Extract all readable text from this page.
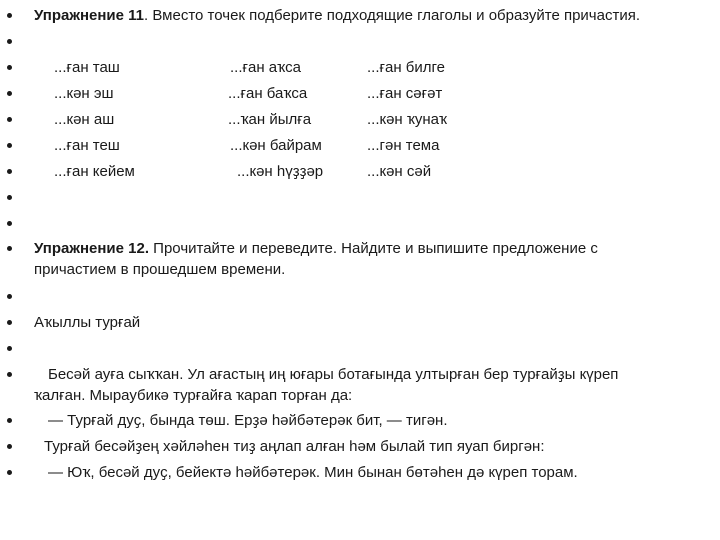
Упражнение 11. Вместо точек подберите подходящие глаголы и образуйте причастия.
...ған таш	...ған аҡса	...ған билге
...кән эш	...ған баҡса	...ған сәғәт
...кән аш	...ҡан йылға	...кән ҡунаҡ
...ған теш	...кән байрам	...гән тема
...ған кейем	...кән һүҙҙәр	...кән сәй
Упражнение 12. Прочитайте и переведите. Найдите и выпишите предложение с причастием в прошедшем времени.
Аҡыллы турғай
Бесәй ауға сыҡҡан. Ул ағастың иң юғары ботағында ултырған бер турғайҙы күреп
ҡалған. Мыраубикә турғайға ҡарап торған да:
— Турғай дуҫ, бында төш. Ерҙә һәйбәтерәк бит, — тигән.
Турғай бесәйҙең хәйләһен тиҙ аңлап алған һәм былай тип яуап биргән:
— Юҡ, бесәй дуҫ, бейектә һәйбәтерәк. Мин бынан бөтәһен дә күреп торам.
